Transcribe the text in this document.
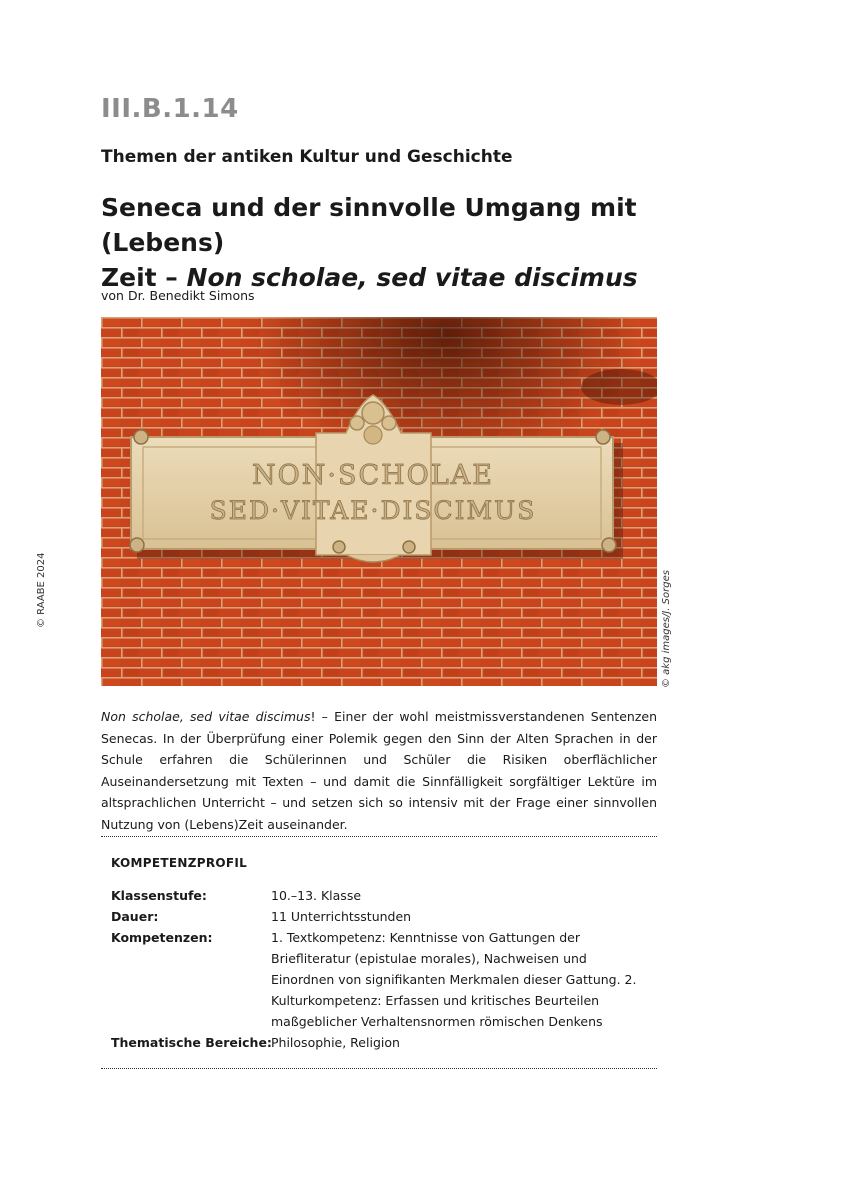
III.B.1.14
Themen der antiken Kultur und Geschichte
Seneca und der sinnvolle Umgang mit (Lebens)
Zeit – Non scholae, sed vitae discimus
von Dr. Benedikt Simons
NON·SCHOLAE
SED·VITAE·DISCIMUS
© RAABE 2024	© akg images/J. Sorges

Non scholae, sed vitae discimus! – Einer der wohl meistmissverstandenen Sentenzen Senecas. In der Überprüfung einer Polemik gegen den Sinn der Alten Sprachen in der Schule erfahren die Schülerinnen und Schüler die Risiken oberflächlicher Auseinandersetzung mit Texten – und damit die Sinnfälligkeit sorgfältiger Lektüre im altsprachlichen Unterricht – und setzen sich so intensiv mit der Frage einer sinnvollen Nutzung von (Lebens)Zeit auseinander.

KOMPETENZPROFIL
Klassenstufe:	10.–13. Klasse
Dauer:	11 Unterrichtsstunden
Kompetenzen:	1. Textkompetenz: Kenntnisse von Gattungen der Briefliteratur (epistulae morales), Nachweisen und Einordnen von signifikanten Merkmalen dieser Gattung. 2. Kulturkompetenz: Erfassen und kritisches Beurteilen maßgeblicher Verhaltensnormen römischen Denkens
Thematische Bereiche: Philosophie, Religion
